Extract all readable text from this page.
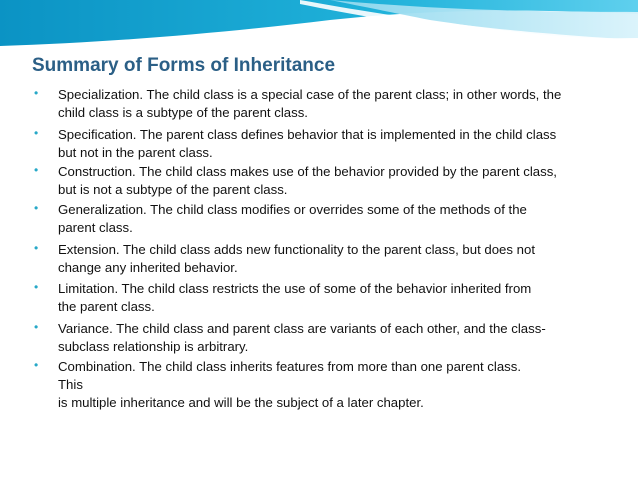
Summary of Forms of Inheritance
• Specialization. The child class is a special case of the parent class; in other words, the
child class is a subtype of the parent class.
• Specification. The parent class defines behavior that is implemented in the child class
but not in the parent class.
• Construction. The child class makes use of the behavior provided by the parent class,
but is not a subtype of the parent class.
• Generalization. The child class modifies or overrides some of the methods of the
parent class.
• Extension. The child class adds new functionality to the parent class, but does not
change any inherited behavior.
• Limitation. The child class restricts the use of some of the behavior inherited from
the parent class.
• Variance. The child class and parent class are variants of each other, and the class-
subclass relationship is arbitrary.
• Combination. The child class inherits features from more than one parent class.
This
is multiple inheritance and will be the subject of a later chapter.
